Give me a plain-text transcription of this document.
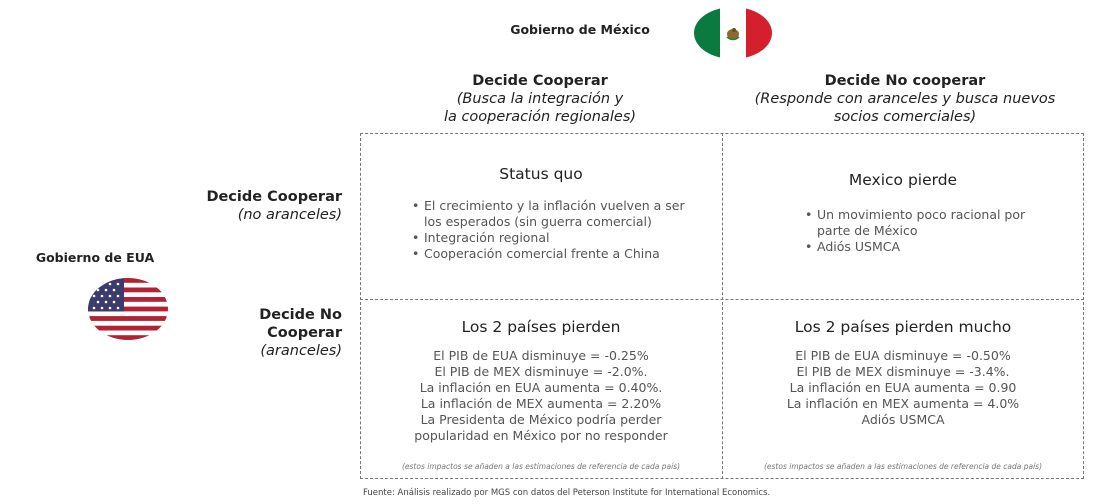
Gobierno de México
Gobierno de EUA
Decide Cooperar
(Busca la integración y
la cooperación regionales)
Decide No cooperar
(Responde con aranceles y busca nuevos
socios comerciales)
Decide Cooperar
(no aranceles)
Decide No
Cooperar
(aranceles)
Status quo
• El crecimiento y la inflación vuelven a ser los esperados (sin guerra comercial)
• Integración regional
• Cooperación comercial frente a China
Mexico pierde
• Un movimiento poco racional por parte de México
• Adiós USMCA
Los 2 países pierden
El PIB de EUA disminuye = -0.25%
El PIB de MEX disminuye = -2.0%.
La inflación en EUA aumenta = 0.40%.
La inflación de MEX aumenta = 2.20%
La Presidenta de México podría perder
popularidad en México por no responder
(estos impactos se añaden a las estimaciones de referencia de cada país)
Los 2 países pierden mucho
El PIB de EUA disminuye = -0.50%
El PIB de MEX disminuye = -3.4%.
La inflación en EUA aumenta = 0.90
La inflación en MEX aumenta = 4.0%
Adiós USMCA
(estos impactos se añaden a las estimaciones de referencia de cada país)
Fuente: Análisis realizado por MGS con datos del Peterson Institute for International Economics.
